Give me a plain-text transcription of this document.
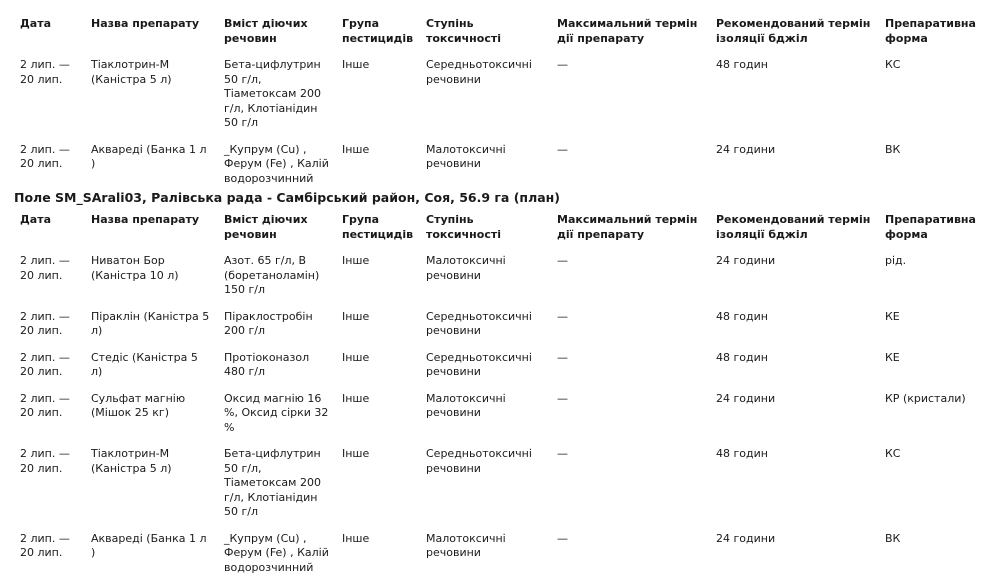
Дата	Назва препарату	Вміст діючих речовин	Група пестицидів	Ступінь токсичності	Максимальний термін дії препарату	Рекомендований термін ізоляції бджіл	Препаративна форма
2 лип. — 20 лип.	Тіаклотрин-М (Каністра 5 л)	Бета-цифлутрин 50 г/л, Тіаметоксам 200 г/л, Клотіанідин 50 г/л	Інше	Середньотоксичні речовини	—	48 годин	КС
2 лип. — 20 лип.	Аквареді (Банка 1 л )	_Купрум (Cu) , Ферум (Fe) , Калій водорозчинний	Інше	Малотоксичні речовини	—	24 години	ВК
Поле SM_SArali03, Ралівська рада - Самбірський район, Соя, 56.9 га (план)
Дата	Назва препарату	Вміст діючих речовин	Група пестицидів	Ступінь токсичності	Максимальний термін дії препарату	Рекомендований термін ізоляції бджіл	Препаративна форма
2 лип. — 20 лип.	Ниватон Бор (Каністра 10 л)	Азот. 65 г/л, В (боретаноламін) 150 г/л	Інше	Малотоксичні речовини	—	24 години	рід.
2 лип. — 20 лип.	Піраклін (Каністра 5 л)	Піраклостробін 200 г/л	Інше	Середньотоксичні речовини	—	48 годин	КЕ
2 лип. — 20 лип.	Стедіс (Каністра 5 л)	Протіоконазол 480 г/л	Інше	Середньотоксичні речовини	—	48 годин	КЕ
2 лип. — 20 лип.	Сульфат магнію (Мішок 25 кг)	Оксид магнію 16 %, Оксид сірки 32 %	Інше	Малотоксичні речовини	—	24 години	КР (кристали)
2 лип. — 20 лип.	Тіаклотрин-М (Каністра 5 л)	Бета-цифлутрин 50 г/л, Тіаметоксам 200 г/л, Клотіанідин 50 г/л	Інше	Середньотоксичні речовини	—	48 годин	КС
2 лип. — 20 лип.	Аквареді (Банка 1 л )	_Купрум (Cu) , Ферум (Fe) , Калій водорозчинний	Інше	Малотоксичні речовини	—	24 години	ВК
